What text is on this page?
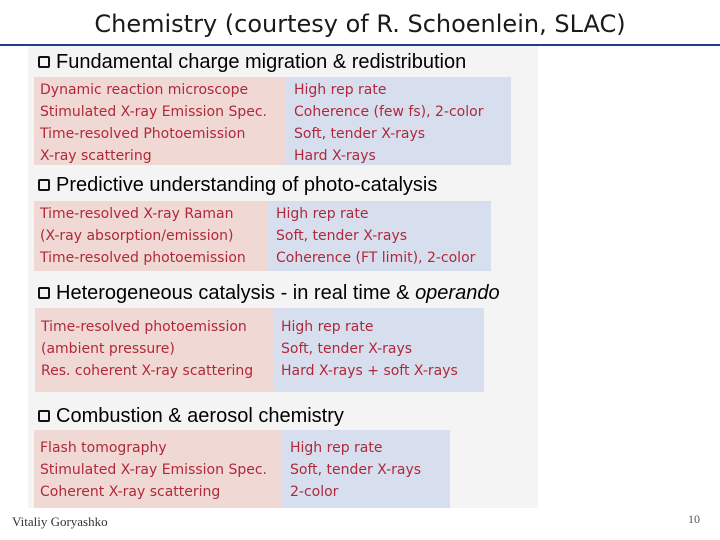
Chemistry (courtesy of R. Schoenlein, SLAC)
Fundamental charge migration & redistribution
Dynamic reaction microscope
Stimulated X-ray Emission Spec.
Time-resolved Photoemission
X-ray scattering
High rep rate
Coherence (few fs), 2-color
Soft, tender X-rays
Hard X-rays
Predictive understanding of photo-catalysis
Time-resolved X-ray Raman
(X-ray absorption/emission)
Time-resolved photoemission
High rep rate
Soft, tender X-rays
Coherence (FT limit), 2-color
Heterogeneous catalysis - in real time & operando
Time-resolved photoemission
(ambient pressure)
Res. coherent X-ray scattering
High rep rate
Soft, tender X-rays
Hard X-rays + soft X-rays
Combustion & aerosol chemistry
Flash tomography
Stimulated X-ray Emission Spec.
Coherent X-ray scattering
High rep rate
Soft, tender X-rays
2-color
Vitaliy Goryashko	10
